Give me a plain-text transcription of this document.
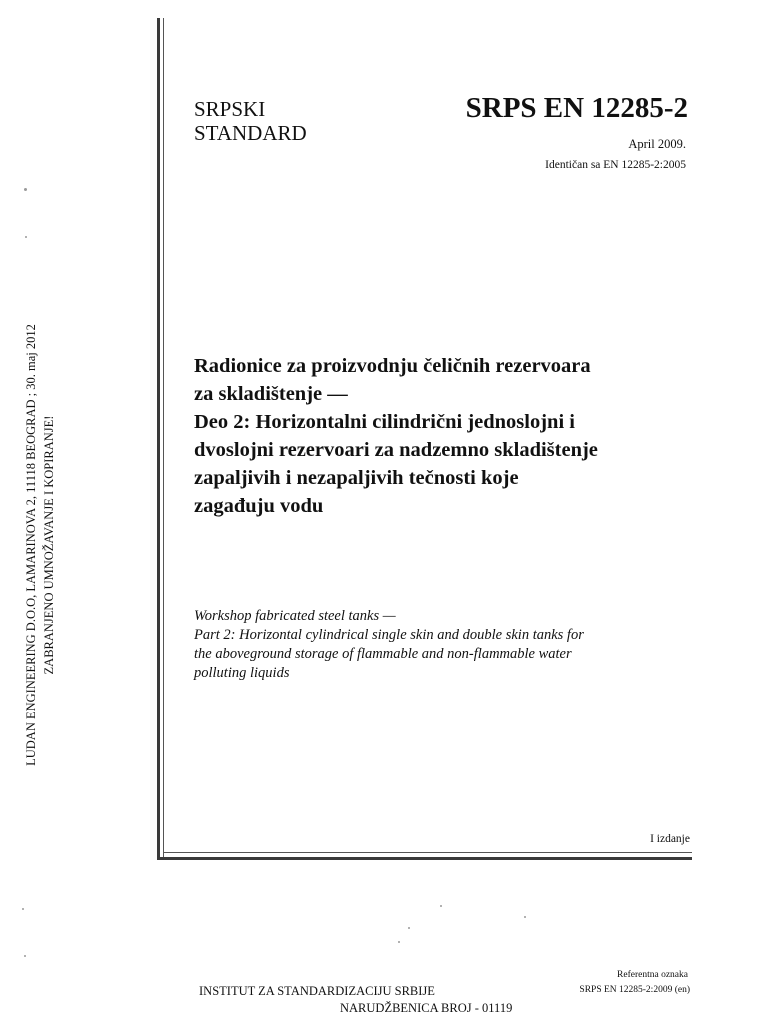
LUDAN ENGINEERING D.O.O, LAMARINOVA 2, 11118 BEOGRAD ; 30. maj 2012 ZABRANJENO UMNOŽAVANJE I KOPIRANJE!
SRPSKI
STANDARD
SRPS EN 12285-2
April 2009.
Identičan sa EN 12285-2:2005
Radionice za proizvodnju čeličnih rezervoara
za skladištenje —
Deo 2: Horizontalni cilindrični jednoslojni i
dvoslojni rezervoari za nadzemno skladištenje
zapaljivih i nezapaljivih tečnosti koje
zagađuju vodu
Workshop fabricated steel tanks —
Part 2: Horizontal cylindrical single skin and double skin tanks for
the aboveground storage of flammable and non-flammable water
polluting liquids
I izdanje
INSTITUT ZA STANDARDIZACIJU SRBIJE
NARUDŽBENICA BROJ - 01119
Referentna oznaka
SRPS EN 12285-2:2009 (en)
